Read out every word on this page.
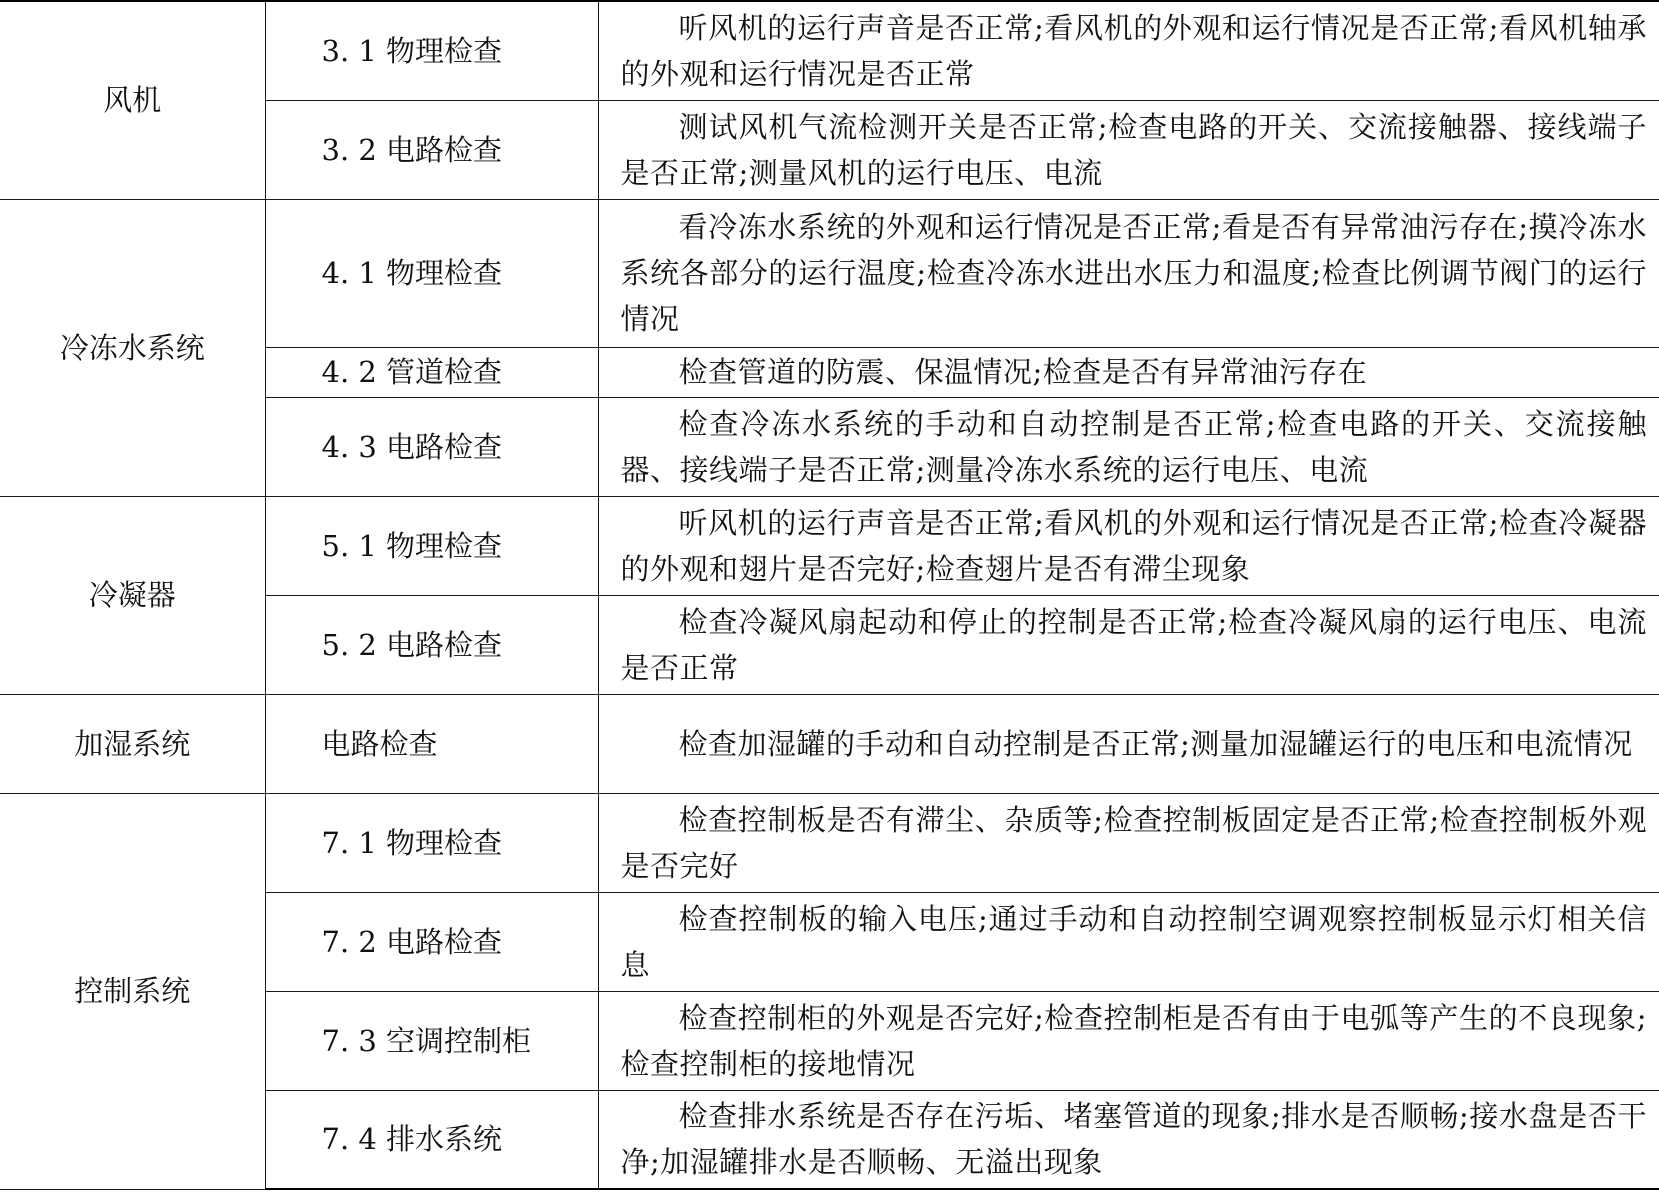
风机	3. 1 物理检查	听风机的运行声音是否正常;看风机的外观和运行情况是否正常;看风机轴承的外观和运行情况是否正常
	3. 2 电路检查	测试风机气流检测开关是否正常;检查电路的开关、交流接触器、接线端子是否正常;测量风机的运行电压、电流
冷冻水系统	4. 1 物理检查	看冷冻水系统的外观和运行情况是否正常;看是否有异常油污存在;摸冷冻水系统各部分的运行温度;检查冷冻水进出水压力和温度;检查比例调节阀门的运行情况
	4. 2 管道检查	检查管道的防震、保温情况;检查是否有异常油污存在
	4. 3 电路检查	检查冷冻水系统的手动和自动控制是否正常;检查电路的开关、交流接触器、接线端子是否正常;测量冷冻水系统的运行电压、电流
冷凝器	5. 1 物理检查	听风机的运行声音是否正常;看风机的外观和运行情况是否正常;检查冷凝器的外观和翅片是否完好;检查翅片是否有滞尘现象
	5. 2 电路检查	检查冷凝风扇起动和停止的控制是否正常;检查冷凝风扇的运行电压、电流是否正常
加湿系统	电路检查	检查加湿罐的手动和自动控制是否正常;测量加湿罐运行的电压和电流情况
控制系统	7. 1 物理检查	检查控制板是否有滞尘、杂质等;检查控制板固定是否正常;检查控制板外观是否完好
	7. 2 电路检查	检查控制板的输入电压;通过手动和自动控制空调观察控制板显示灯相关信息
	7. 3 空调控制柜	检查控制柜的外观是否完好;检查控制柜是否有由于电弧等产生的不良现象;检查控制柜的接地情况
	7. 4 排水系统	检查排水系统是否存在污垢、堵塞管道的现象;排水是否顺畅;接水盘是否干净;加湿罐排水是否顺畅、无溢出现象
